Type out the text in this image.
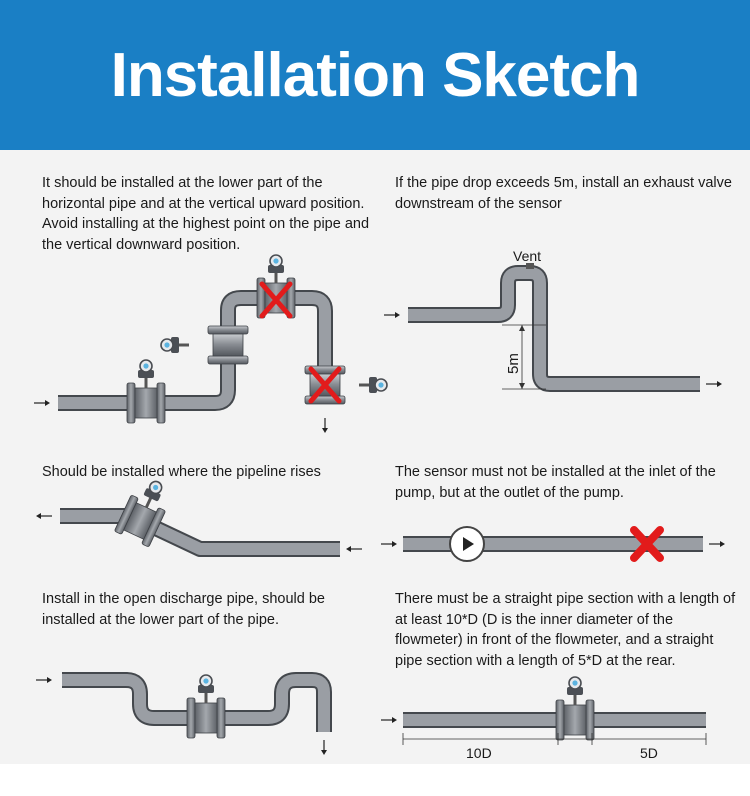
Installation Sketch
It should be installed at the lower part of the horizontal pipe and at the vertical upward position. Avoid installing at the highest point on the pipe and the vertical downward position.
If the pipe drop exceeds 5m, install an exhaust valve downstream of the sensor
Should be installed where the pipeline rises	The sensor must not be installed at the inlet of the pump, but at the outlet of the pump.
Install in the open discharge pipe, should be installed at the lower part of the pipe.
There must be a straight pipe section with a length of at least 10*D (D is the inner diameter of the flowmeter) in front of the flowmeter, and a straight pipe section with a length of 5*D at the rear.
Vent
5m
10D	5D
